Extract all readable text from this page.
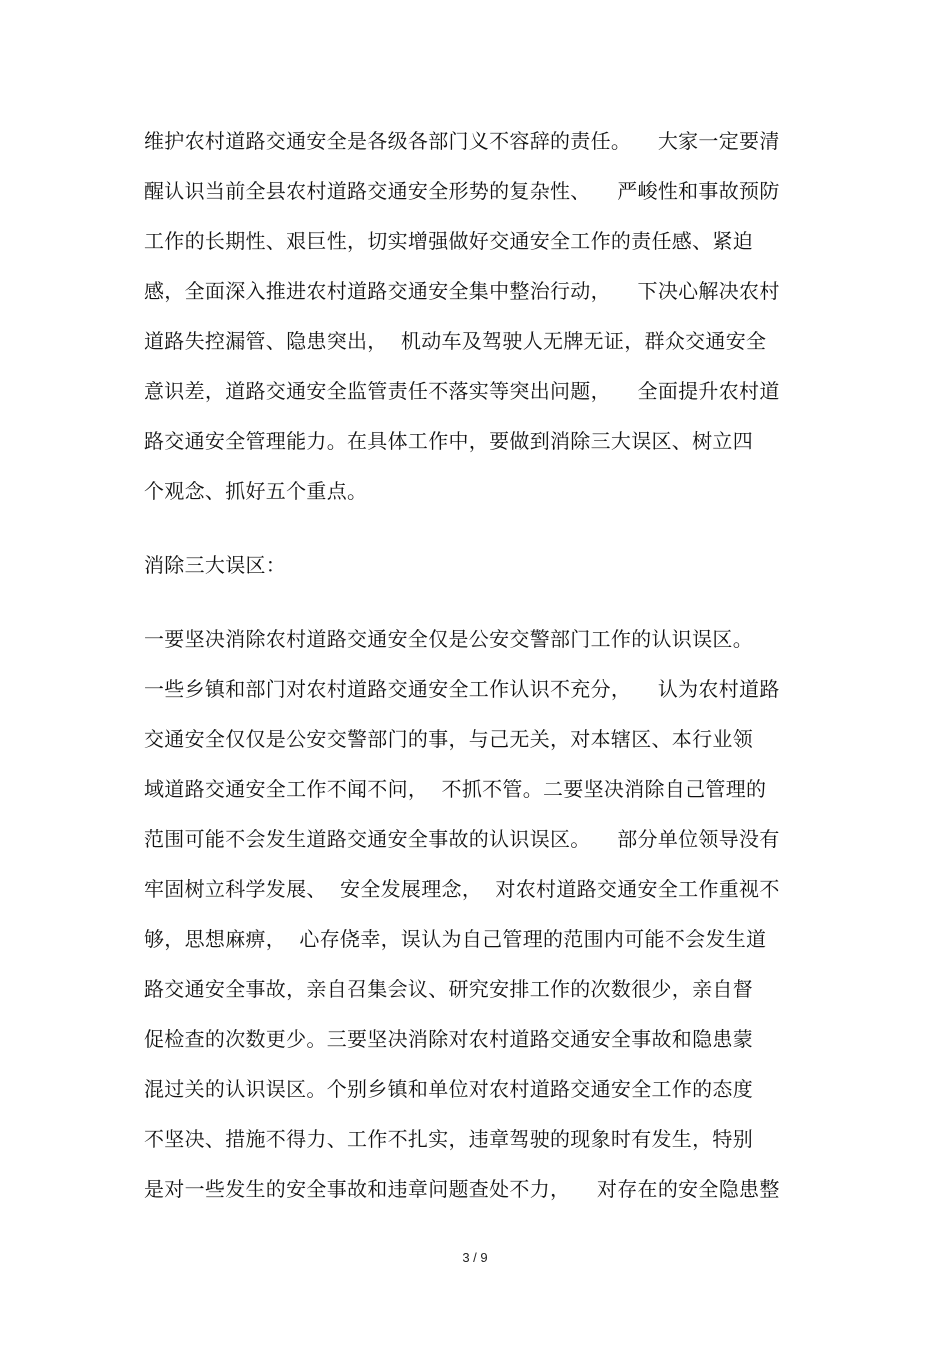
维护农村道路交通安全是各级各部门义不容辞的责任。    大家一定要清
醒认识当前全县农村道路交通安全形势的复杂性、    严峻性和事故预防
工作的长期性、艰巨性，切实增强做好交通安全工作的责任感、紧迫
感，全面深入推进农村道路交通安全集中整治行动，    下决心解决农村
道路失控漏管、隐患突出，  机动车及驾驶人无牌无证，群众交通安全
意识差，道路交通安全监管责任不落实等突出问题，    全面提升农村道
路交通安全管理能力。在具体工作中，要做到消除三大误区、树立四
个观念、抓好五个重点。
消除三大误区：
一要坚决消除农村道路交通安全仅是公安交警部门工作的认识误区。
一些乡镇和部门对农村道路交通安全工作认识不充分，    认为农村道路
交通安全仅仅是公安交警部门的事，与己无关，对本辖区、本行业领
域道路交通安全工作不闻不问，  不抓不管。二要坚决消除自己管理的
范围可能不会发生道路交通安全事故的认识误区。    部分单位领导没有
牢固树立科学发展、  安全发展理念，  对农村道路交通安全工作重视不
够，思想麻痹，  心存侥幸，误认为自己管理的范围内可能不会发生道
路交通安全事故，亲自召集会议、研究安排工作的次数很少，亲自督
促检查的次数更少。三要坚决消除对农村道路交通安全事故和隐患蒙
混过关的认识误区。个别乡镇和单位对农村道路交通安全工作的态度
不坚决、措施不得力、工作不扎实，违章驾驶的现象时有发生，特别
是对一些发生的安全事故和违章问题查处不力，    对存在的安全隐患整
3 / 9
